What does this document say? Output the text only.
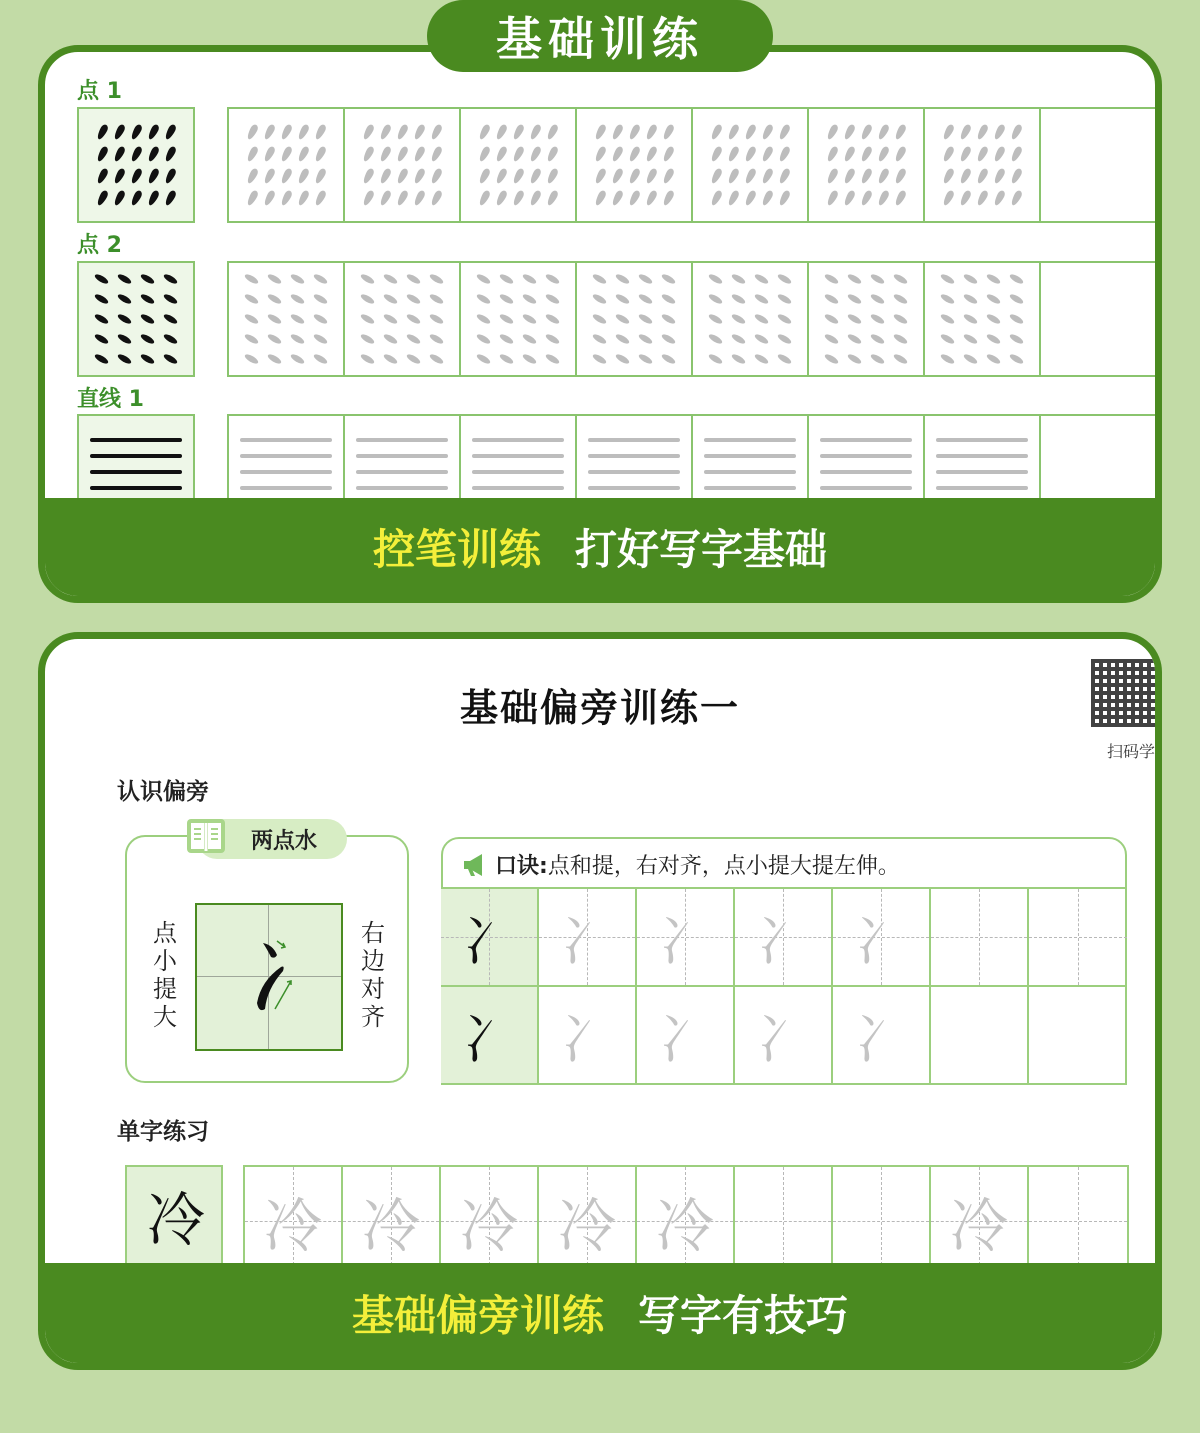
基础训练
点 1
点 2
直线 1
控笔训练 打好写字基础
基础偏旁训练一
扫码学
认识偏旁
两点水
点小提大
右边对齐
口诀: 点和提，右对齐，点小提大提左伸。
冫 冫 冫 冫 冫
冫 冫 冫 冫 冫
单字练习
冷 冷 冷 冷 冷 冷	冷
基础偏旁训练 写字有技巧
